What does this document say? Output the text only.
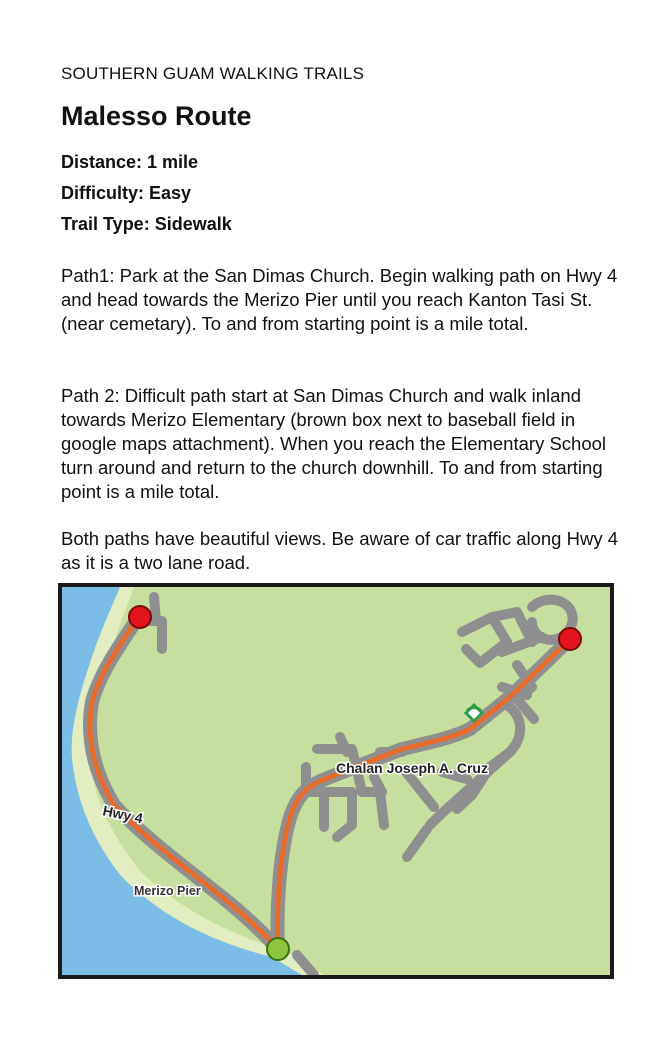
SOUTHERN GUAM WALKING TRAILS
Malesso Route
Distance: 1 mile
Difficulty: Easy
Trail Type: Sidewalk

Path1: Park at the San Dimas Church. Begin walking path on Hwy 4 and head towards the Merizo Pier until you reach Kanton Tasi St. (near cemetary). To and from starting point is a mile total.

Path 2: Difficult path start at San Dimas Church and walk inland towards Merizo Elementary (brown box next to baseball field in google maps attachment). When you reach the Elementary School turn around and return to the church downhill. To and from starting point is a mile total.

Both paths have beautiful views. Be aware of car traffic along Hwy 4 as it is a two lane road.

Hwy 4
Merizo Pier
Chalan Joseph A. Cruz
